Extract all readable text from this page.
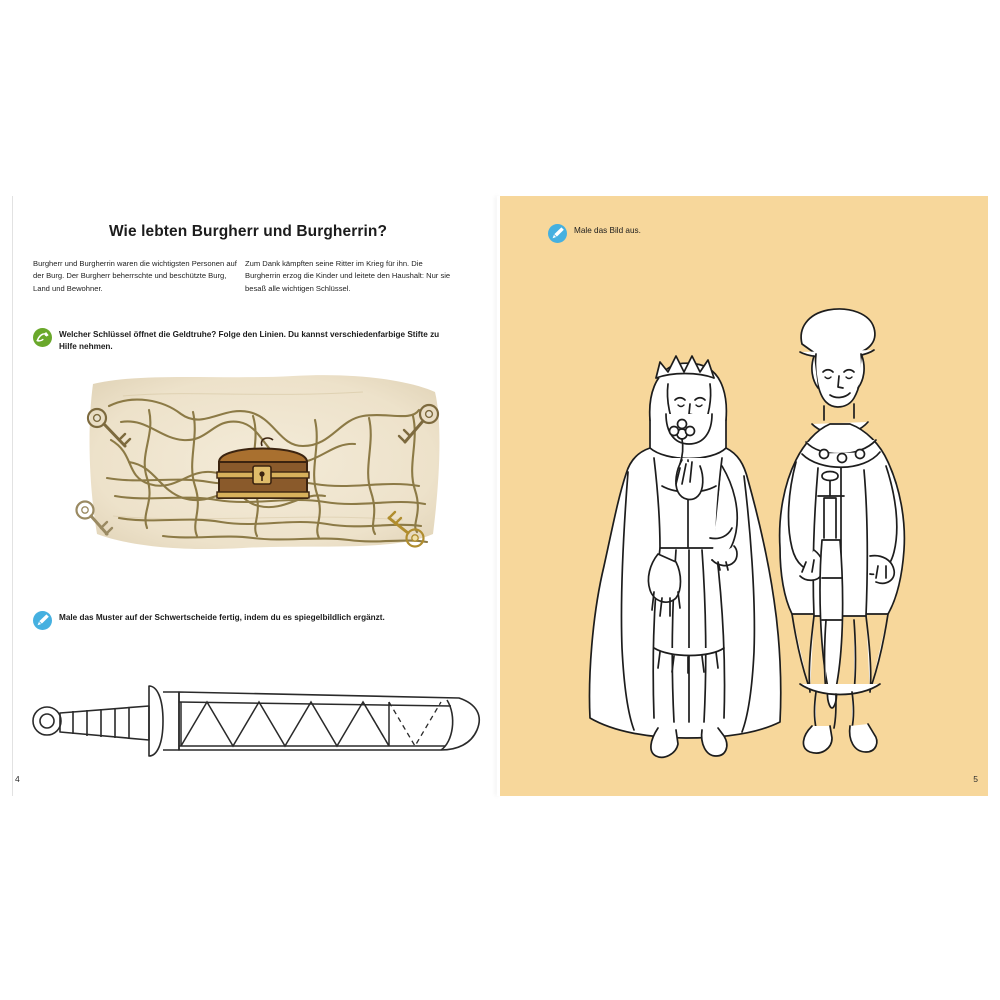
Wie lebten Burgherr und Burgherrin?
Burgherr und Burgherrin waren die wichtigsten Personen auf der Burg. Der Burgherr beherrschte und beschützte Burg, Land und Bewohner.
Zum Dank kämpften seine Ritter im Krieg für ihn. Die Burgherrin erzog die Kinder und leitete den Haushalt: Nur sie besaß alle wichtigen Schlüssel.
Welcher Schlüssel öffnet die Geldtruhe? Folge den Linien. Du kannst verschiedenfarbige Stifte zu Hilfe nehmen.
Male das Muster auf der Schwertscheide fertig, indem du es spiegelbildlich ergänzt.
4
Male das Bild aus.
5
